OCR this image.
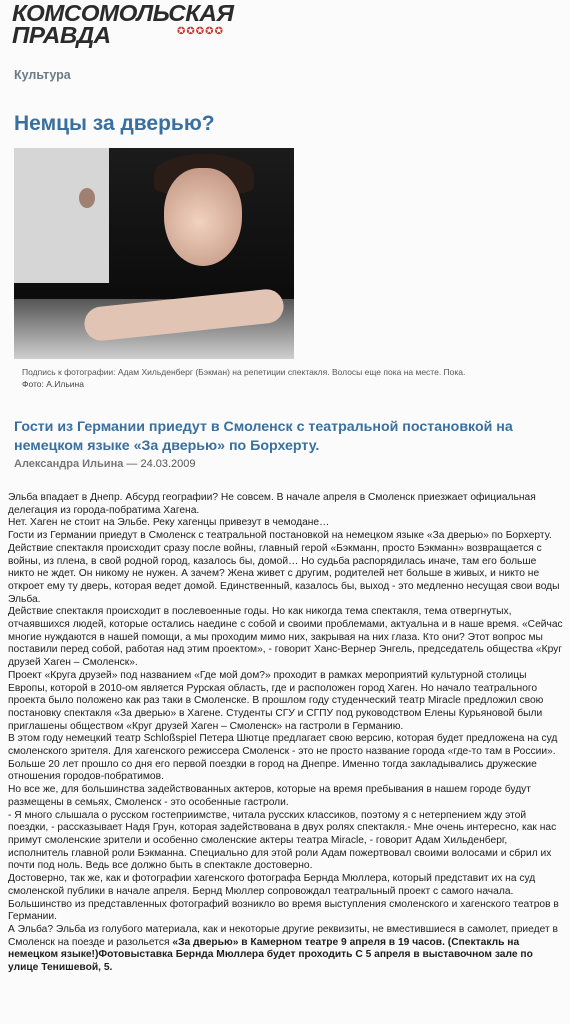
КОМСОМОЛЬСКАЯ
ПРАВДА	✪ ✪ ✪ ✪ ✪
Культура
Немцы за дверью?
Подпись к фотографии: Адам Хильденберг (Бэкман) на репетиции спектакля. Волосы еще пока на месте. Пока.
Фото: А.Ильина
Гости из Германии приедут в Смоленск с театральной постановкой на немецком языке «За дверью» по Борхерту.
Александра Ильина — 24.03.2009

Эльба впадает в Днепр. Абсурд географии? Не совсем. В начале апреля в Смоленск приезжает официальная делегация из города-побратима Хагена.

Нет. Хаген не стоит на Эльбе. Реку хагенцы привезут в чемодане…

Гости из Германии приедут в Смоленск с театральной постановкой на немецком языке «За дверью» по Борхерту. Действие спектакля происходит сразу после войны, главный герой «Бэкманн, просто Бэкманн» возвращается с войны, из плена, в свой родной город, казалось бы, домой… Но судьба распорядилась иначе, там его больше никто не ждет. Он никому не нужен. А зачем? Жена живет с другим, родителей нет больше в живых, и никто не откроет ему ту дверь, которая ведет домой. Единственный, казалось бы, выход - это медленно несущая свои воды Эльба.

Действие спектакля происходит в послевоенные годы. Но как никогда тема спектакля, тема отвергнутых, отчаявшихся людей, которые остались наедине с собой и своими проблемами, актуальна и в наше время. «Сейчас многие нуждаются в нашей помощи, а мы проходим мимо них, закрывая на них глаза. Кто они? Этот вопрос мы поставили перед собой, работая над этим проектом», - говорит Ханс-Вернер Энгель, председатель общества «Круг друзей Хаген – Смоленск».

Проект «Круга друзей» под названием «Где мой дом?» проходит в рамках мероприятий культурной столицы Европы, которой в 2010-ом является Рурская область, где и расположен город Хаген. Но начало театрального проекта было положено как раз таки в Смоленске. В прошлом году студенческий театр Miracle предложил свою постановку спектакля «За дверью» в Хагене. Студенты СГУ и СГПУ под руководством Елены Курьяновой были приглашены обществом «Круг друзей Хаген – Смоленск» на гастроли в Германию.

В этом году немецкий театр Schloßspiel Петера Шютце предлагает свою версию, которая будет предложена на суд смоленского зрителя. Для хагенского режиссера Смоленск - это не просто название города «где-то там в России». Больше 20 лет прошло со дня его первой поездки в город на Днепре. Именно тогда закладывались дружеские отношения городов-побратимов.

Но все же, для большинства задействованных актеров, которые на время пребывания в нашем городе будут размещены в семьях, Смоленск - это особенные гастроли.

- Я много слышала о русском гостеприимстве, читала русских классиков, поэтому я с нетерпением жду этой поездки, - рассказывает Надя Грун, которая задействована в двух ролях спектакля.- Мне очень интересно, как нас примут смоленские зрители и особенно смоленские актеры театра Miracle, - говорит Адам Хильденберг, исполнитель главной роли Бэкманна. Специально для этой роли Адам пожертвовал своими волосами и сбрил их почти под ноль. Ведь все должно быть в спектакле достоверно.

Достоверно, так же, как и фотографии хагенского фотографа Бернда Мюллера, который представит их на суд смоленской публики в начале апреля. Бернд Мюллер сопровождал театральный проект с самого начала. Большинство из представленных фотографий возникло во время выступления смоленского и хагенского театров в Германии.

А Эльба? Эльба из голубого материала, как и некоторые другие реквизиты, не вместившиеся в самолет, приедет в Смоленск на поезде и разольется «За дверью» в Камерном театре 9 апреля в 19 часов. (Спектакль на немецком языке!)Фотовыставка Бернда Мюллера будет проходить С 5 апреля в выставочном зале по улице Тенишевой, 5.
